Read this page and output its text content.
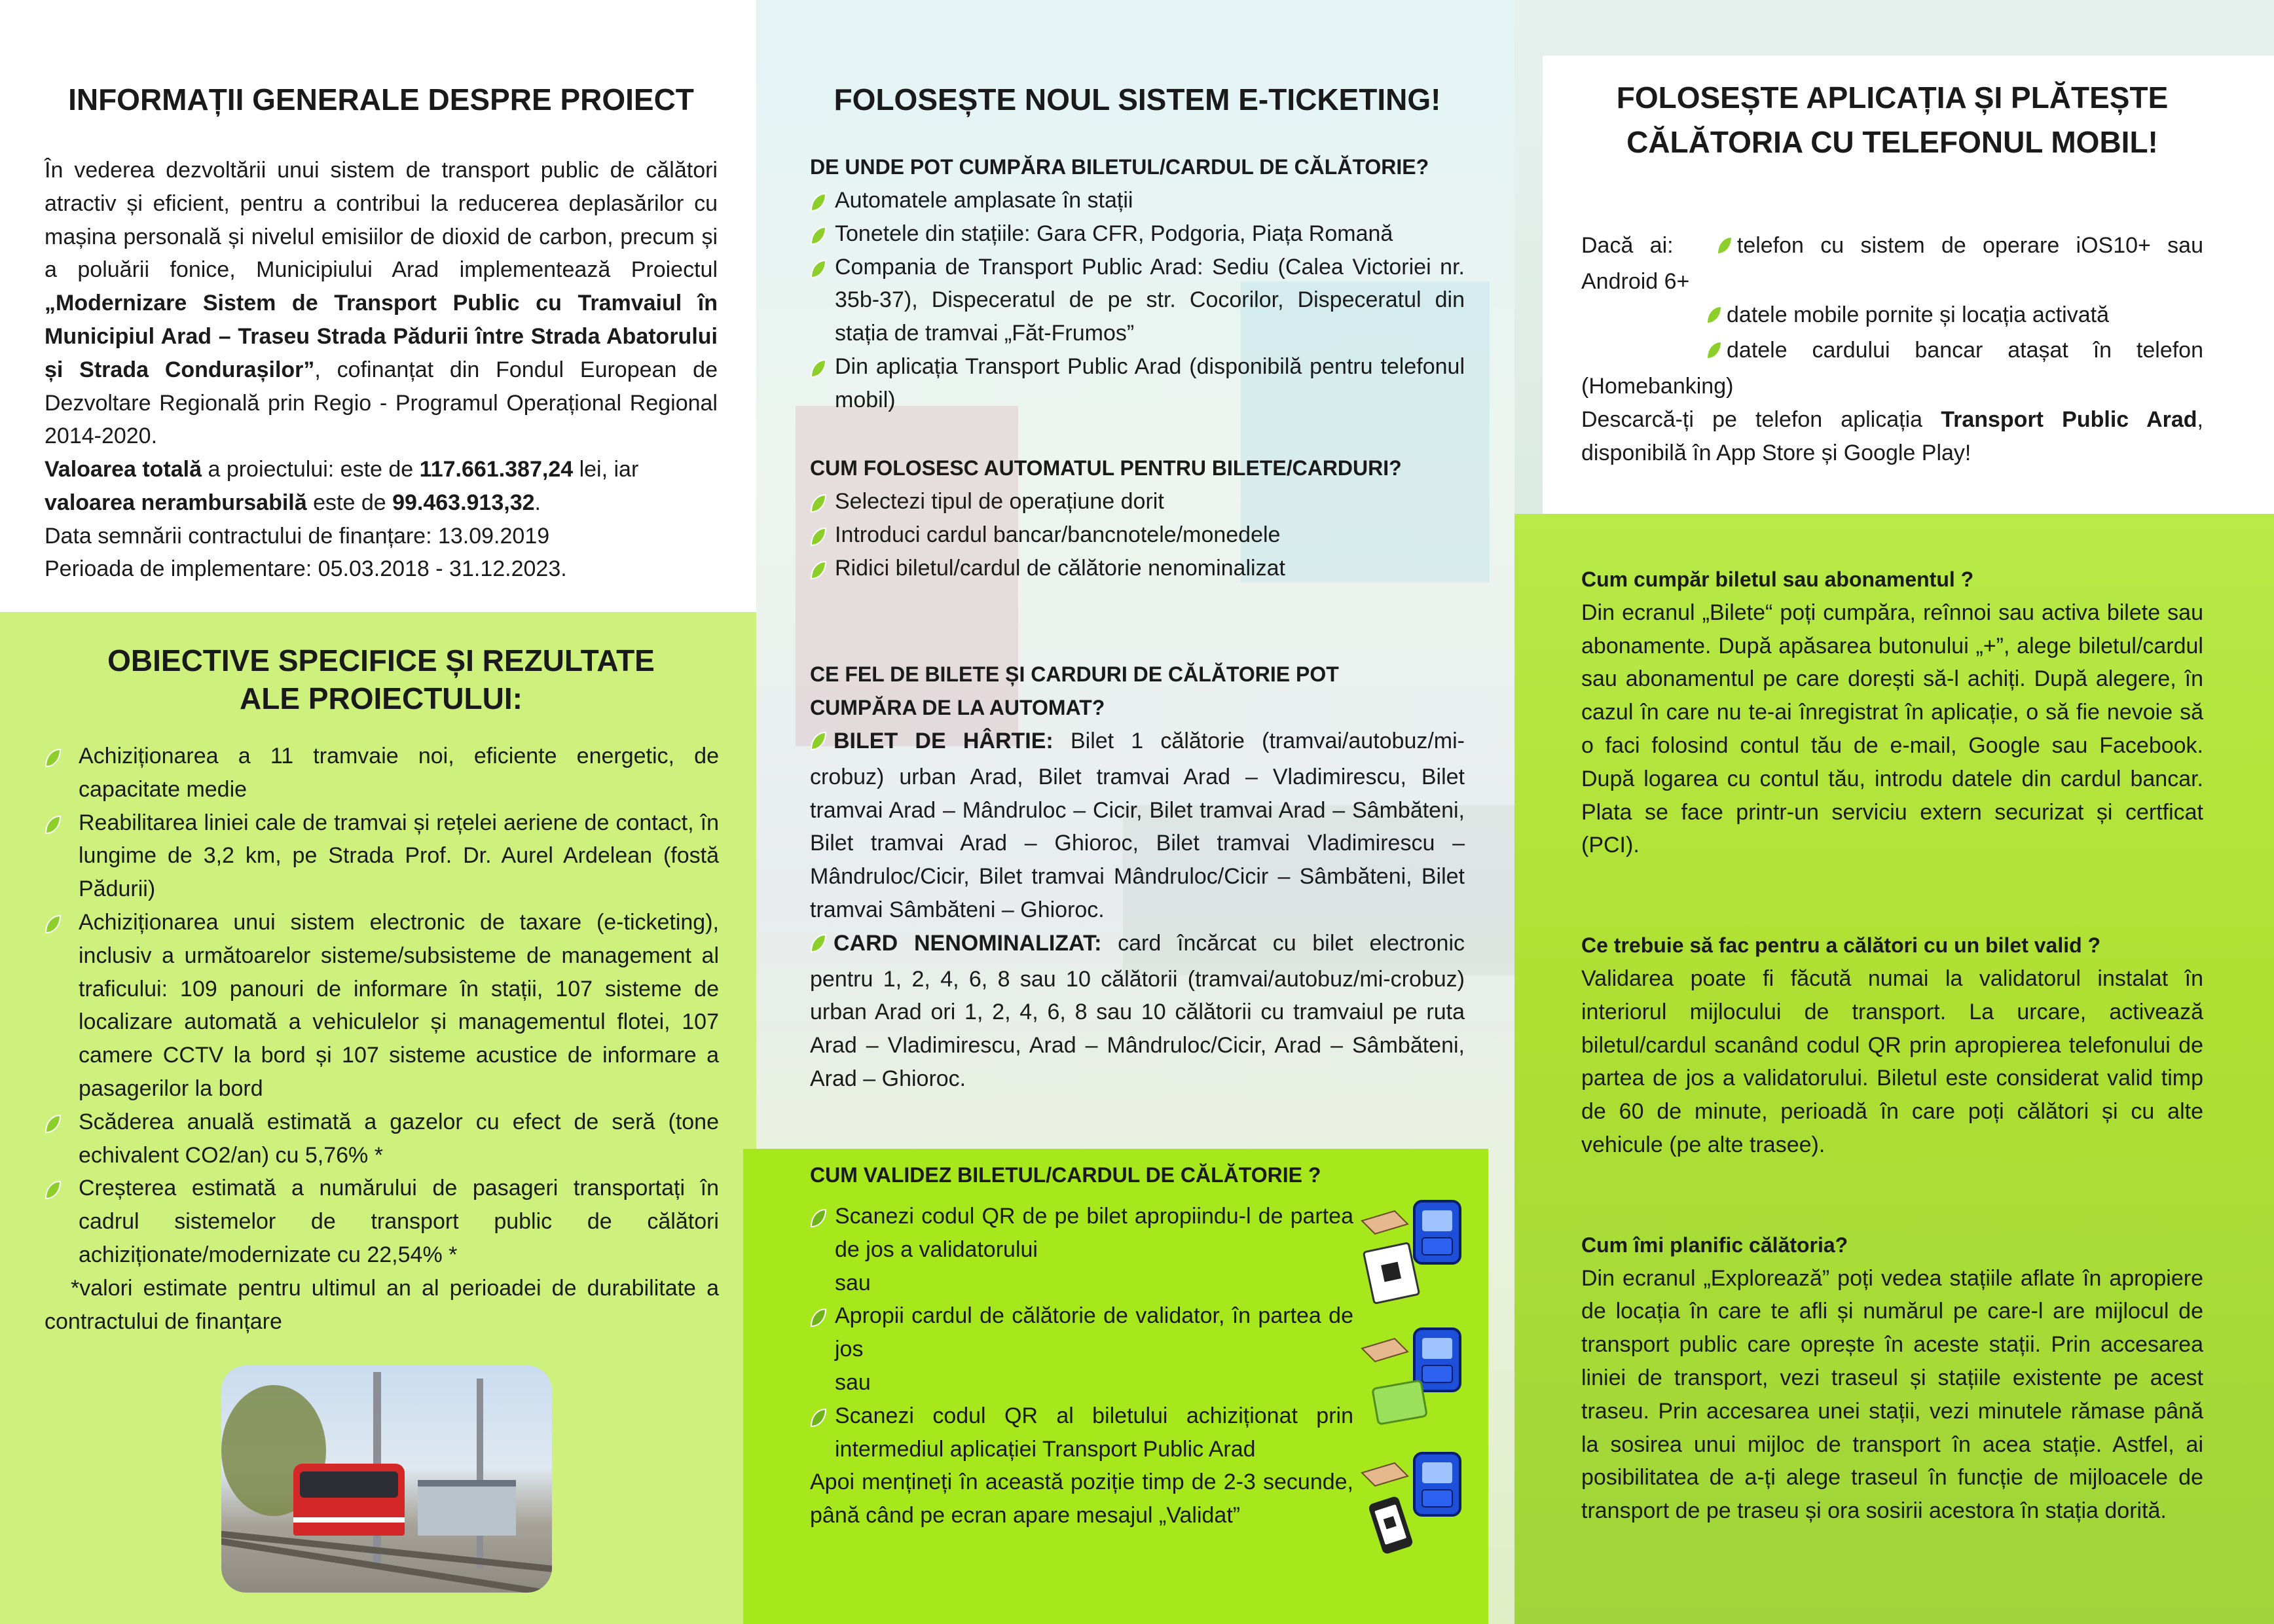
INFORMAȚII GENERALE DESPRE PROIECT

În vederea dezvoltării unui sistem de transport public de călători atractiv și eficient, pentru a contribui la reducerea deplasărilor cu mașina personală și nivelul emisiilor de dioxid de carbon, precum și a poluării fonice, Municipiului Arad implementează Proiectul „Modernizare Sistem de Transport Public cu Tramvaiul în Municipiul Arad – Traseu Strada Pădurii între Strada Abatorului și Strada Condurașilor”, cofinanțat din Fondul European de Dezvoltare Regională prin Regio - Programul Operațional Regional 2014-2020.

Valoarea totală a proiectului: este de 117.661.387,24 lei, iar
valoarea nerambursabilă este de 99.463.913,32.
Data semnării contractului de finanțare: 13.09.2019
Perioada de implementare: 05.03.2018 - 31.12.2023.

OBIECTIVE SPECIFICE ȘI REZULTATE
ALE PROIECTULUI:
Achiziționarea a 11 tramvaie noi, eficiente energetic, de capacitate medie
Reabilitarea liniei cale de tramvai și rețelei aeriene de contact, în lungime de 3,2 km, pe Strada Prof. Dr. Aurel Ardelean (fostă Pădurii)
Achiziționarea unui sistem electronic de taxare (e-ticketing), inclusiv a următoarelor sisteme/subsisteme de management al traficului: 109 panouri de informare în stații, 107 sisteme de localizare automată a vehiculelor și managementul flotei, 107 camere CCTV la bord și 107 sisteme acustice de informare a pasagerilor la bord
Scăderea anuală estimată a gazelor cu efect de seră (tone echivalent CO2/an) cu 5,76% *
Creșterea estimată a numărului de pasageri transportați în cadrul sistemelor de transport public de călători achiziționate/modernizate cu 22,54% *

*valori estimate pentru ultimul an al perioadei de durabilitate a contractului de finanțare

FOLOSEȘTE NOUL SISTEM E-TICKETING!

DE UNDE POT CUMPĂRA BILETUL/CARDUL DE CĂLĂTORIE?

Automatele amplasate în stații
Tonetele din stațiile: Gara CFR, Podgoria, Piața Romană
Compania de Transport Public Arad: Sediu (Calea Victoriei nr. 35b-37), Dispeceratul de pe str. Cocorilor, Dispeceratul din stația de tramvai „Făt-Frumos”
Din aplicația Transport Public Arad (disponibilă pentru telefonul mobil)

CUM FOLOSESC AUTOMATUL PENTRU BILETE/CARDURI?

Selectezi tipul de operațiune dorit
Introduci cardul bancar/bancnotele/monedele
Ridici biletul/cardul de călătorie nenominalizat

CE FEL DE BILETE ȘI CARDURI DE CĂLĂTORIE POT CUMPĂRA DE LA AUTOMAT?

BILET DE HÂRTIE: Bilet 1 călătorie (tramvai/autobuz/mi-crobuz) urban Arad, Bilet tramvai Arad – Vladimirescu, Bilet tramvai Arad – Mândruloc – Cicir, Bilet tramvai Arad – Sâmbăteni, Bilet tramvai Arad – Ghioroc, Bilet tramvai Vladimirescu – Mândruloc/Cicir, Bilet tramvai Mândruloc/Cicir – Sâmbăteni, Bilet tramvai Sâmbăteni – Ghioroc.
CARD NENOMINALIZAT: card încărcat cu bilet electronic pentru 1, 2, 4, 6, 8 sau 10 călătorii (tramvai/autobuz/mi-crobuz) urban Arad ori 1, 2, 4, 6, 8 sau 10 călătorii cu tramvaiul pe ruta Arad – Vladimirescu, Arad – Mândruloc/Cicir, Arad – Sâmbăteni, Arad – Ghioroc.

CUM VALIDEZ BILETUL/CARDUL DE CĂLĂTORIE ?

Scanezi codul QR de pe bilet apropiindu-l de partea de jos a validatorului

sau

Apropii cardul de călătorie de validator, în partea de jos

sau

Scanezi codul QR al biletului achiziționat prin intermediul aplicației Transport Public Arad

Apoi mențineți în această poziție timp de 2-3 secunde, până când pe ecran apare mesajul „Validat”

FOLOSEȘTE APLICAȚIA ȘI PLĂTEȘTE
CĂLĂTORIA CU TELEFONUL MOBIL!

Dacă ai:	telefon cu sistem de operare iOS10+ sau

Android 6+

datele mobile pornite și locația activată

datele cardului bancar atașat în telefon

(Homebanking)

Descarcă-ți pe telefon aplicația Transport Public Arad, disponibilă în App Store și Google Play!

Cum cumpăr biletul sau abonamentul ?

Din ecranul „Bilete“ poți cumpăra, reînnoi sau activa bilete sau abonamente. După apăsarea butonului „+”, alege biletul/cardul sau abonamentul pe care dorești să-l achiți. După alegere, în cazul în care nu te-ai înregistrat în aplicație, o să fie nevoie să o faci folosind contul tău de e-mail, Google sau Facebook. După logarea cu contul tău, introdu datele din cardul bancar. Plata se face printr-un serviciu extern securizat și certficat (PCI).

Ce trebuie să fac pentru a călători cu un bilet valid ?

Validarea poate fi făcută numai la validatorul instalat în interiorul mijlocului de transport. La urcare, activează biletul/cardul scanând codul QR prin apropierea telefonului de partea de jos a validatorului. Biletul este considerat valid timp de 60 de minute, perioadă în care poți călători și cu alte vehicule (pe alte trasee).

Cum îmi planific călătoria?

Din ecranul „Explorează” poți vedea stațiile aflate în apropiere de locația în care te afli și numărul pe care-l are mijlocul de transport public care oprește în aceste stații. Prin accesarea liniei de transport, vezi traseul și stațiile existente pe acest traseu. Prin accesarea unei stații, vezi minutele rămase până la sosirea unui mijloc de transport în acea stație. Astfel, ai posibilitatea de a-ți alege traseul în funcție de mijloacele de transport de pe traseu și ora sosirii acestora în stația dorită.
